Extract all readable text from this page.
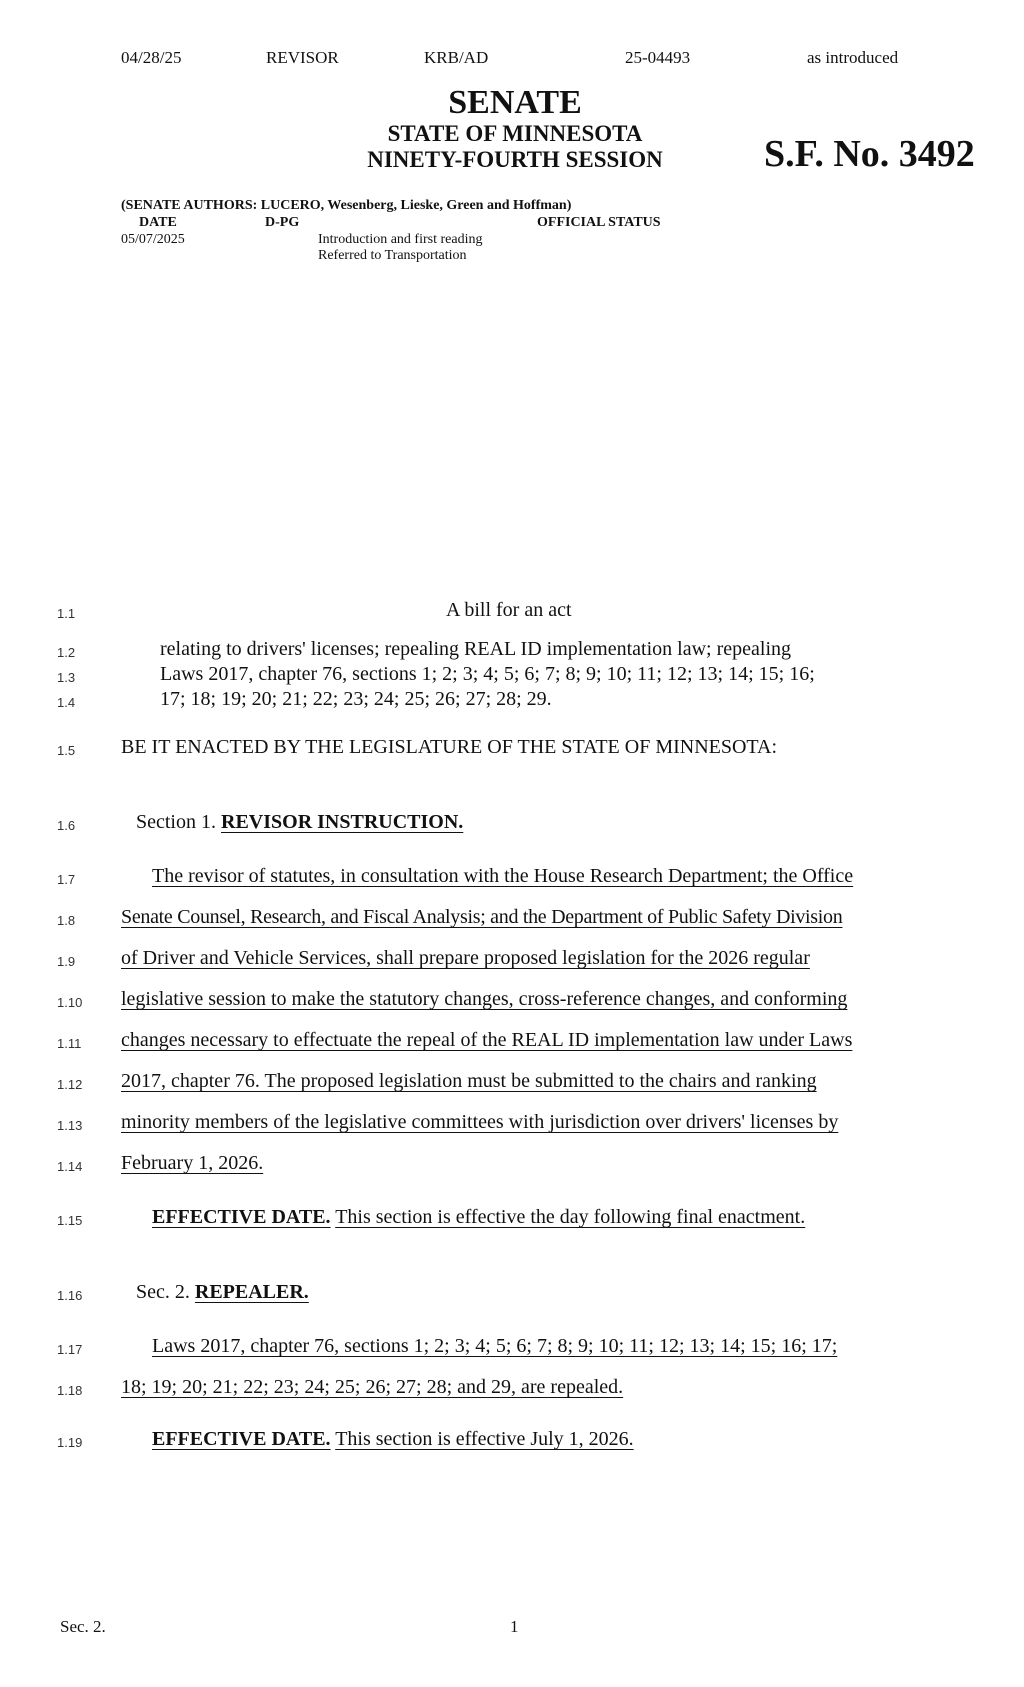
04/28/25	REVISOR	KRB/AD	25-04493	as introduced
SENATE
STATE OF MINNESOTA
NINETY-FOURTH SESSION	S.F. No. 3492
(SENATE AUTHORS: LUCERO, Wesenberg, Lieske, Green and Hoffman)
DATE	D-PG	OFFICIAL STATUS
05/07/2025	Introduction and first reading
Referred to Transportation
1.1	A bill for an act
1.2	relating to drivers' licenses; repealing REAL ID implementation law; repealing
1.3	Laws 2017, chapter 76, sections 1; 2; 3; 4; 5; 6; 7; 8; 9; 10; 11; 12; 13; 14; 15; 16;
1.4	17; 18; 19; 20; 21; 22; 23; 24; 25; 26; 27; 28; 29.
1.5 BE IT ENACTED BY THE LEGISLATURE OF THE STATE OF MINNESOTA:
1.6	Section 1. REVISOR INSTRUCTION.
1.7	The revisor of statutes, in consultation with the House Research Department; the Office
1.8 Senate Counsel, Research, and Fiscal Analysis; and the Department of Public Safety Division
1.9 of Driver and Vehicle Services, shall prepare proposed legislation for the 2026 regular
1.10 legislative session to make the statutory changes, cross-reference changes, and conforming
1.11 changes necessary to effectuate the repeal of the REAL ID implementation law under Laws
1.12 2017, chapter 76. The proposed legislation must be submitted to the chairs and ranking
1.13 minority members of the legislative committees with jurisdiction over drivers' licenses by
1.14 February 1, 2026.
1.15	EFFECTIVE DATE. This section is effective the day following final enactment.
1.16	Sec. 2. REPEALER.
1.17	Laws 2017, chapter 76, sections 1; 2; 3; 4; 5; 6; 7; 8; 9; 10; 11; 12; 13; 14; 15; 16; 17;
1.18 18; 19; 20; 21; 22; 23; 24; 25; 26; 27; 28; and 29, are repealed.
1.19	EFFECTIVE DATE. This section is effective July 1, 2026.
Sec. 2.	1
